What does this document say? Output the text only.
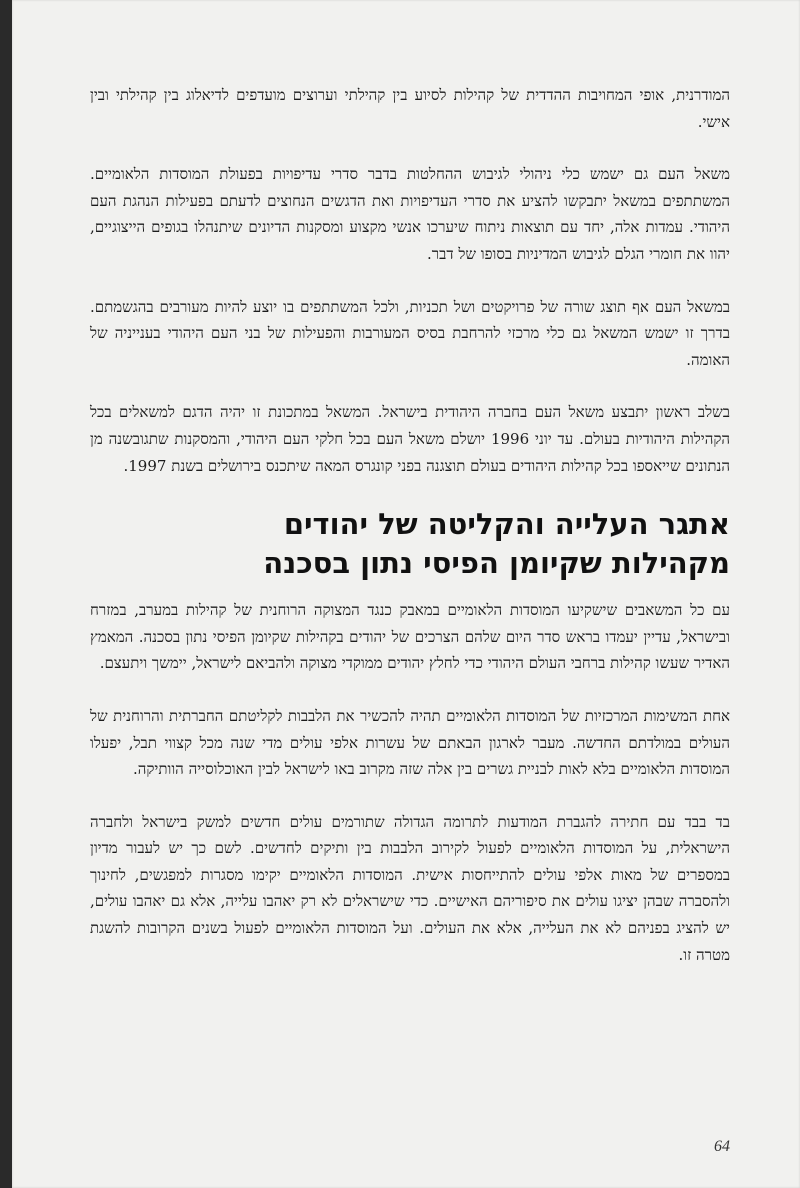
המודרנית, אופי המחויבות ההדדית של קהילות לסיוע בין קהילתי וערוצים מועדפים לדיאלוג בין קהילתי ובין אישי.

משאל העם גם ישמש כלי ניהולי לגיבוש ההחלטות בדבר סדרי עדיפויות בפעולת המוסדות הלאומיים. המשתתפים במשאל יתבקשו להציע את סדרי העדיפויות ואת הדגשים הנחוצים לדעתם בפעילות הנהגת העם היהודי. עמדות אלה, יחד עם תוצאות ניתוח שיערכו אנשי מקצוע ומסקנות הדיונים שיתנהלו בגופים הייצוגיים, יהוו את חומרי הגלם לגיבוש המדיניות בסופו של דבר.

במשאל העם אף תוצג שורה של פרויקטים ושל תכניות, ולכל המשתתפים בו יוצע להיות מעורבים בהגשמתם. בדרך זו ישמש המשאל גם כלי מרכזי להרחבת בסיס המעורבות והפעילות של בני העם היהודי בענייניה של האומה.

בשלב ראשון יתבצע משאל העם בחברה היהודית בישראל. המשאל במתכונת זו יהיה הדגם למשאלים בכל הקהילות היהודיות בעולם. עד יוני 1996 יושלם משאל העם בכל חלקי העם היהודי, והמסקנות שתגובשנה מן הנתונים שייאספו בכל קהילות היהודים בעולם תוצגנה בפני קונגרס המאה שיתכנס בירושלים בשנת 1997.

אתגר העלייה והקליטה של יהודים
מקהילות שקיומן הפיסי נתון בסכנה

עם כל המשאבים שישקיעו המוסדות הלאומיים במאבק כנגד המצוקה הרוחנית של קהילות במערב, במזרח ובישראל, עדיין יעמדו בראש סדר היום שלהם הצרכים של יהודים בקהילות שקיומן הפיסי נתון בסכנה. המאמץ האדיר שעשו קהילות ברחבי העולם היהודי כדי לחלץ יהודים ממוקדי מצוקה ולהביאם לישראל, יימשך ויתעצם.

אחת המשימות המרכזיות של המוסדות הלאומיים תהיה להכשיר את הלבבות לקליטתם החברתית והרוחנית של העולים במולדתם החדשה. מעבר לארגון הבאתם של עשרות אלפי עולים מדי שנה מכל קצווי תבל, יפעלו המוסדות הלאומיים בלא לאות לבניית גשרים בין אלה שזה מקרוב באו לישראל לבין האוכלוסייה הוותיקה.

בד בבד עם חתירה להגברת המודעות לתרומה הגדולה שתורמים עולים חדשים למשק בישראל ולחברה הישראלית, על המוסדות הלאומיים לפעול לקירוב הלבבות בין ותיקים לחדשים. לשם כך יש לעבור מדיון במספרים של מאות אלפי עולים להתייחסות אישית. המוסדות הלאומיים יקימו מסגרות למפגשים, לחינוך ולהסברה שבהן יציגו עולים את סיפוריהם האישיים. כדי שישראלים לא רק יאהבו עלייה, אלא גם יאהבו עולים, יש להציג בפניהם לא את העלייה, אלא את העולים. ועל המוסדות הלאומיים לפעול בשנים הקרובות להשגת מטרה זו.

64
